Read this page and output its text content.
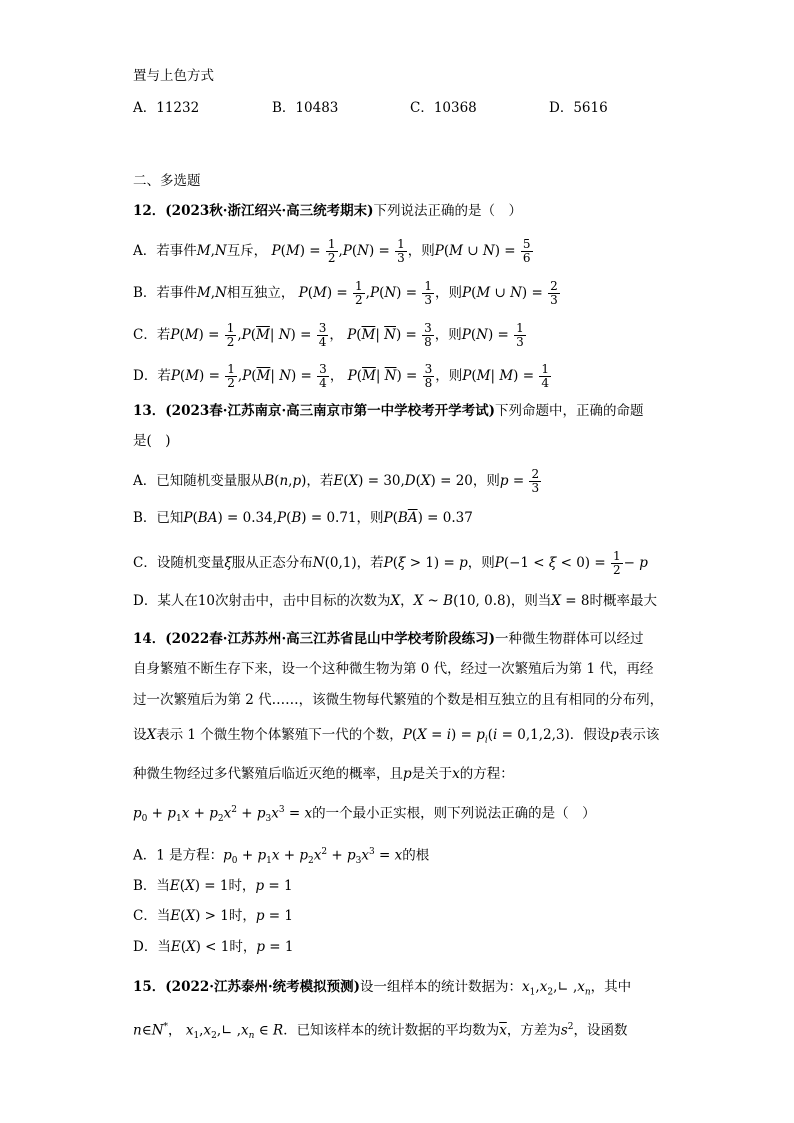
置与上色方式
A．11232	B．10483	C．10368	D．5616
二、多选题
12．(2023秋·浙江绍兴·高三统考期末)下列说法正确的是（　）
A．若事件M,N互斥， $P(M) = \frac{1}{2} ,P(N) = \frac{1}{3}$ ，则P(M ∪ $N) = \frac{5}{6}$
B．若事件M,N相互独立， $P(M) = \frac{1}{2} ,P(N) = \frac{1}{3}$ ，则P(M ∪ $N) = \frac{2}{3}$
C．若$P(M) = \frac{1}{2} ,P(\overline{M}|$ $N) = \frac{3}{4}$ ， $P(\overline{M}|$ $\overline{N}) = \frac{3}{8}$ ，则$P(N) = \frac{1}{3}$
D．若$P(M) = \frac{1}{2} ,P(\overline{M}|$ $N) = \frac{3}{4}$ ， $P(\overline{M}|$ $\overline{N}) = \frac{3}{8}$ ，则P(M| $M) = \frac{1}{4}$
13．(2023春·江苏南京·高三南京市第一中学校考开学考试)下列命题中，正确的命题
是(　)
A．已知随机变量服从B(n,p)，若E(X) = 30,D(X) = 20，则$p = \frac{2}{3}$
B．已知P(BA) = 0.34,P(B) = 0.71，则$P(B\overline{A}) = 0.37$
C．设随机变量ξ服从正态分布N(0,1)，若P(ξ > 1) = p，则$P(-1 < \xi < 0) = \frac{1}{2} - p$
D．某人在10次射击中，击中目标的次数为X，X ~ B(10, 0.8)，则当X = 8时概率最大
14．(2022春·江苏苏州·高三江苏省昆山中学校考阶段练习)一种微生物群体可以经过
自身繁殖不断生存下来，设一个这种微生物为第 0 代，经过一次繁殖后为第 1 代，再经
过一次繁殖后为第 2 代……，该微生物每代繁殖的个数是相互独立的且有相同的分布列，
设X表示 1 个微生物个体繁殖下一代的个数，$P(X = i) = p_i(i = 0,1,2,3)$．假设p表示该
种微生物经过多代繁殖后临近灭绝的概率，且p是关于x的方程：
$p_0 + p_1x + p_2x^2 + p_3x^3 = x$的一个最小正实根，则下列说法正确的是（　）
A．1 是方程：$p_0 + p_1x + p_2x^2 + p_3x^3 = x$的根
B．当E(X) = 1时，p = 1
C．当E(X) > 1时，p = 1
D．当E(X) < 1时，p = 1
15．(2022·江苏泰州·统考模拟预测)设一组样本的统计数据为：$x_1,x_2,∟$ $,x_n$，其中
n∈N*， $x_1,x_2,∟$ $,x_n$ ∈ R．已知该样本的统计数据的平均数为$\overline{x}$，方差为$s^2$，设函数
